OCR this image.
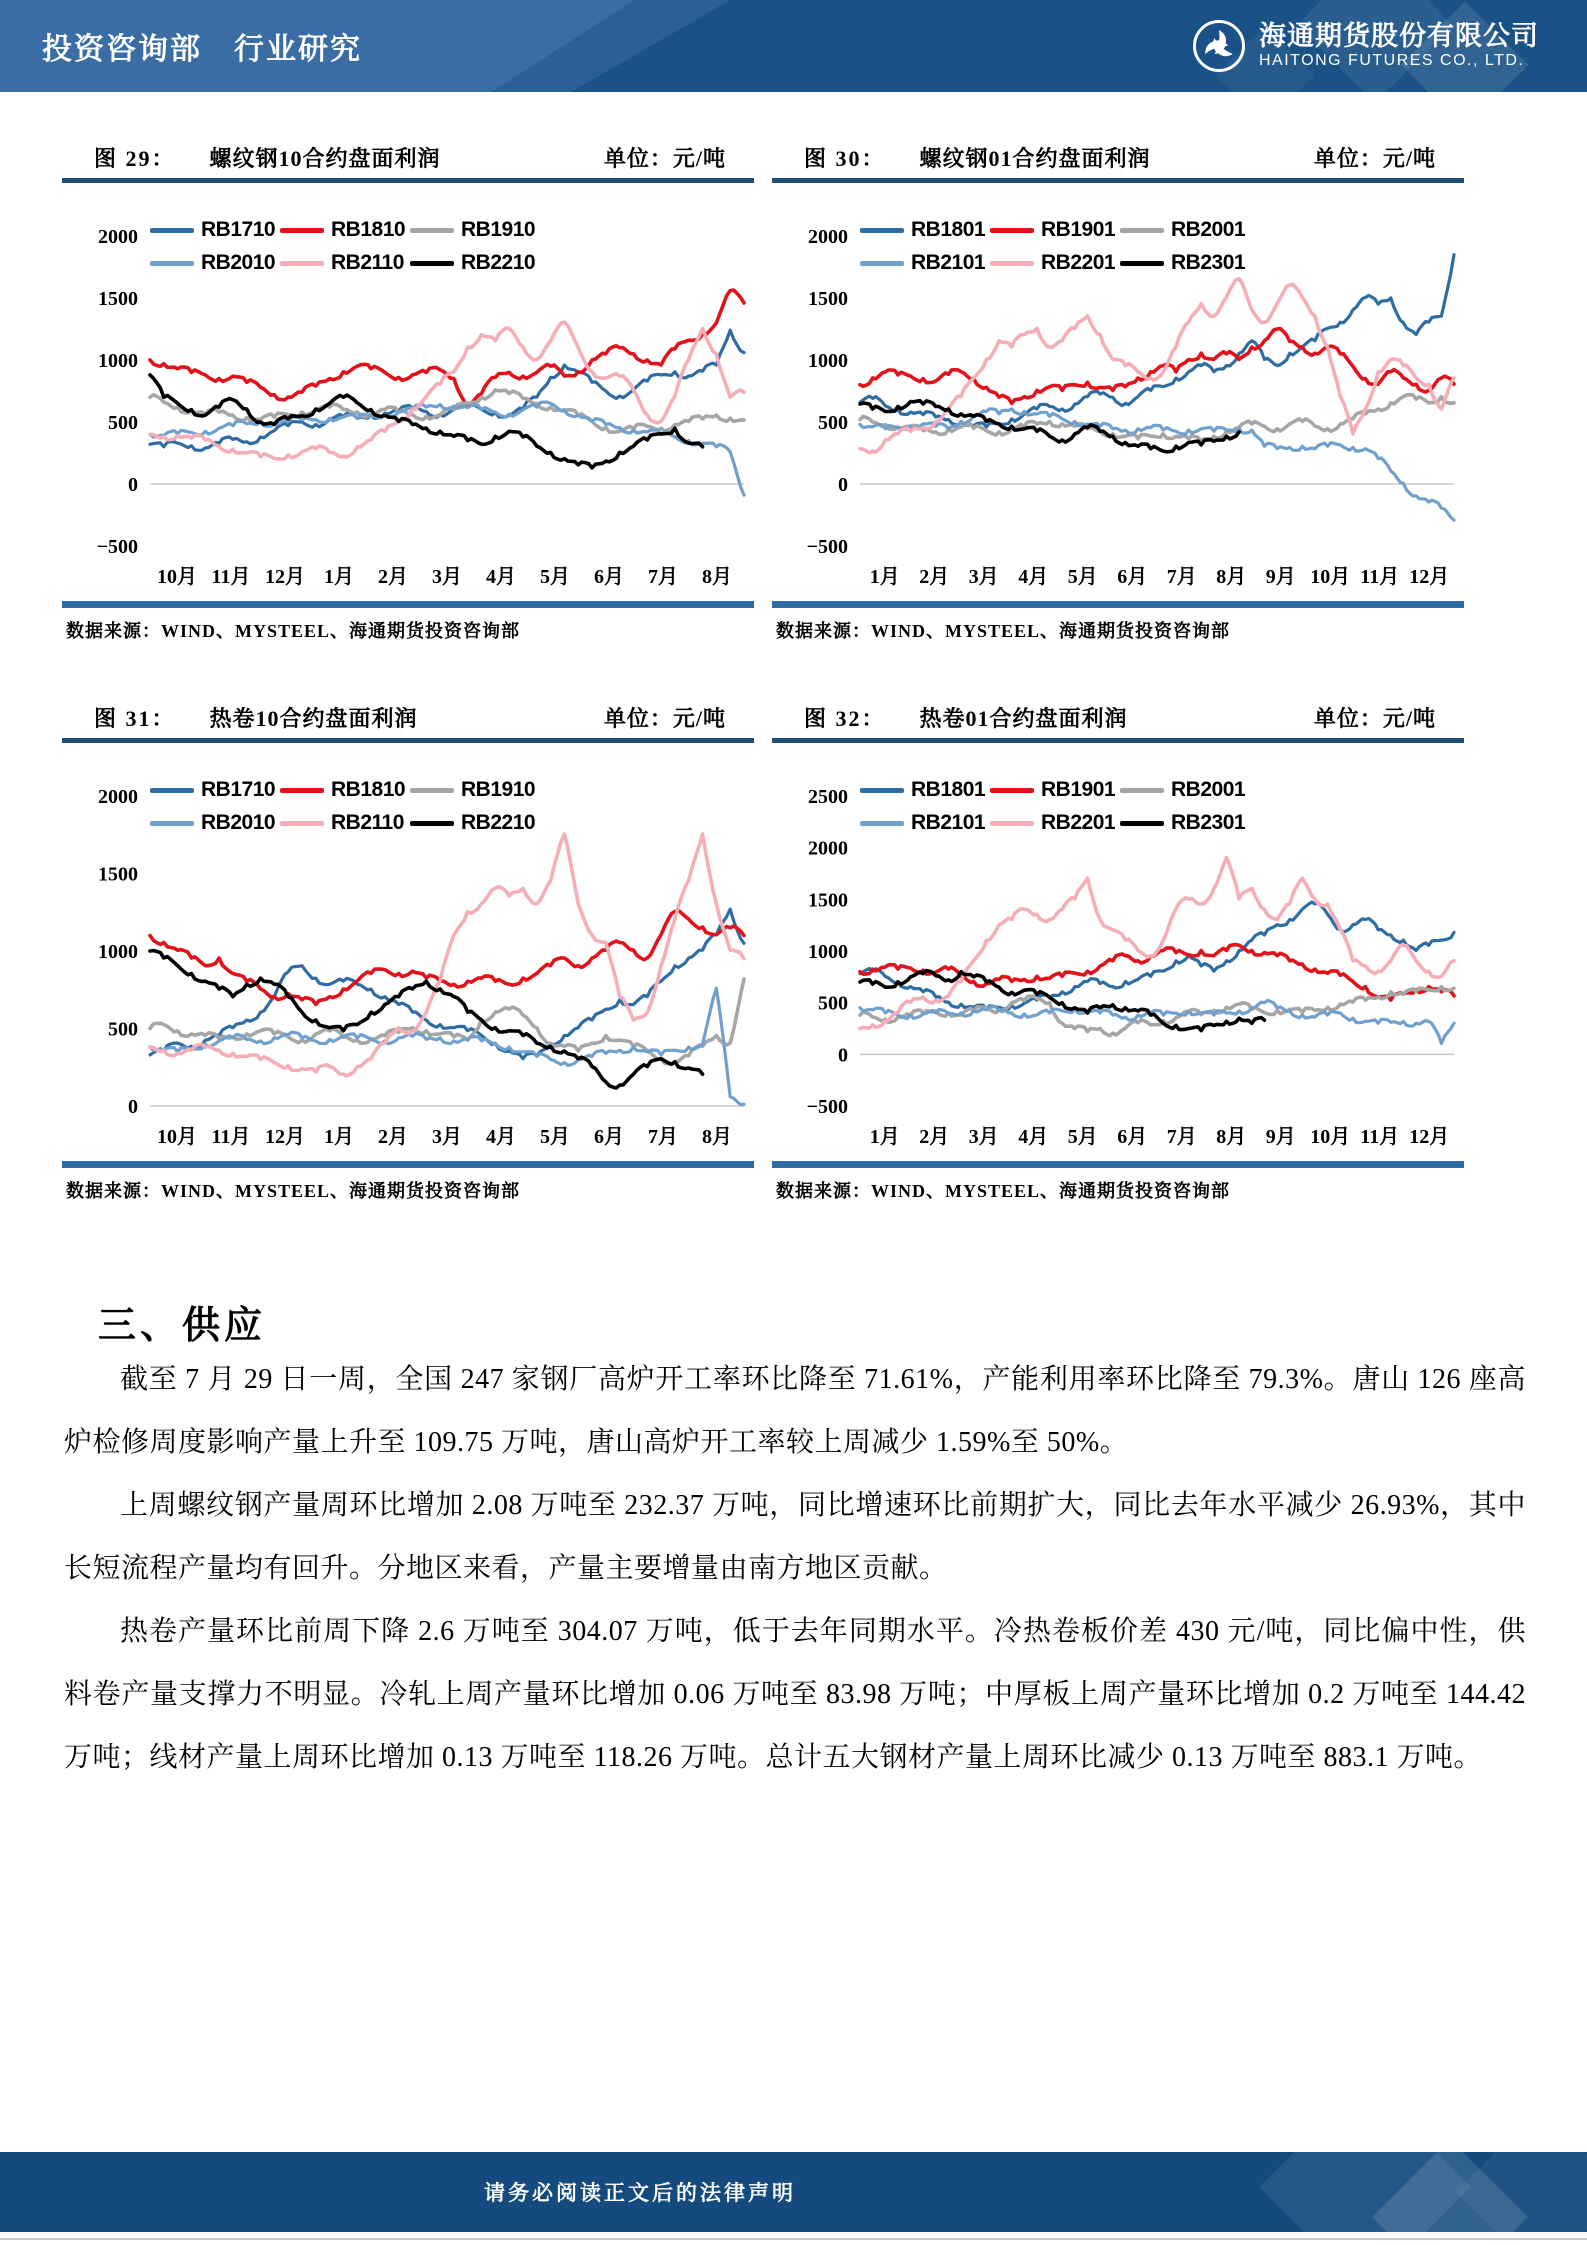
投资咨询部　行业研究	海通期货股份有限公司
HAITONG FUTURES CO., LTD.
图 29： 螺纹钢10合约盘面利润	单位：元/吨
RB1710	RB1810	RB1910
RB2010	RB2110	RB2210
2000
1500
1000
500
0
−500
10月 11月 12月 1月 2月 3月 4月 5月 6月 7月 8月
数据来源：WIND、MYSTEEL、海通期货投资咨询部
图 30： 螺纹钢01合约盘面利润	单位：元/吨
RB1801	RB1901	RB2001
RB2101	RB2201	RB2301
2000
1500
1000
500
0
−500
1月 2月 3月 4月 5月 6月 7月 8月 9月 10月 11月 12月
数据来源：WIND、MYSTEEL、海通期货投资咨询部
图 31： 热卷10合约盘面利润	单位：元/吨
RB1710	RB1810	RB1910
RB2010	RB2110	RB2210
2000
1500
1000
500
0
10月 11月 12月 1月 2月 3月 4月 5月 6月 7月 8月
数据来源：WIND、MYSTEEL、海通期货投资咨询部
图 32： 热卷01合约盘面利润	单位：元/吨
RB1801	RB1901	RB2001
RB2101	RB2201	RB2301
2500
2000
1500
1000
500
0
−500
1月 2月 3月 4月 5月 6月 7月 8月 9月 10月 11月 12月
数据来源：WIND、MYSTEEL、海通期货投资咨询部
三、供应

截至 7 月 29 日一周，全国 247 家钢厂高炉开工率环比降至 71.61%，产能利用率环比降至 79.3%。唐山 126 座高炉检修周度影响产量上升至 109.75 万吨，唐山高炉开工率较上周减少 1.59%至 50%。

上周螺纹钢产量周环比增加 2.08 万吨至 232.37 万吨，同比增速环比前期扩大，同比去年水平减少 26.93%，其中长短流程产量均有回升。分地区来看，产量主要增量由南方地区贡献。

热卷产量环比前周下降 2.6 万吨至 304.07 万吨，低于去年同期水平。冷热卷板价差 430 元/吨，同比偏中性，供料卷产量支撑力不明显。冷轧上周产量环比增加 0.06 万吨至 83.98 万吨；中厚板上周产量环比增加 0.2 万吨至 144.42 万吨；线材产量上周环比增加 0.13 万吨至 118.26 万吨。总计五大钢材产量上周环比减少 0.13 万吨至 883.1 万吨。

请务必阅读正文后的法律声明
